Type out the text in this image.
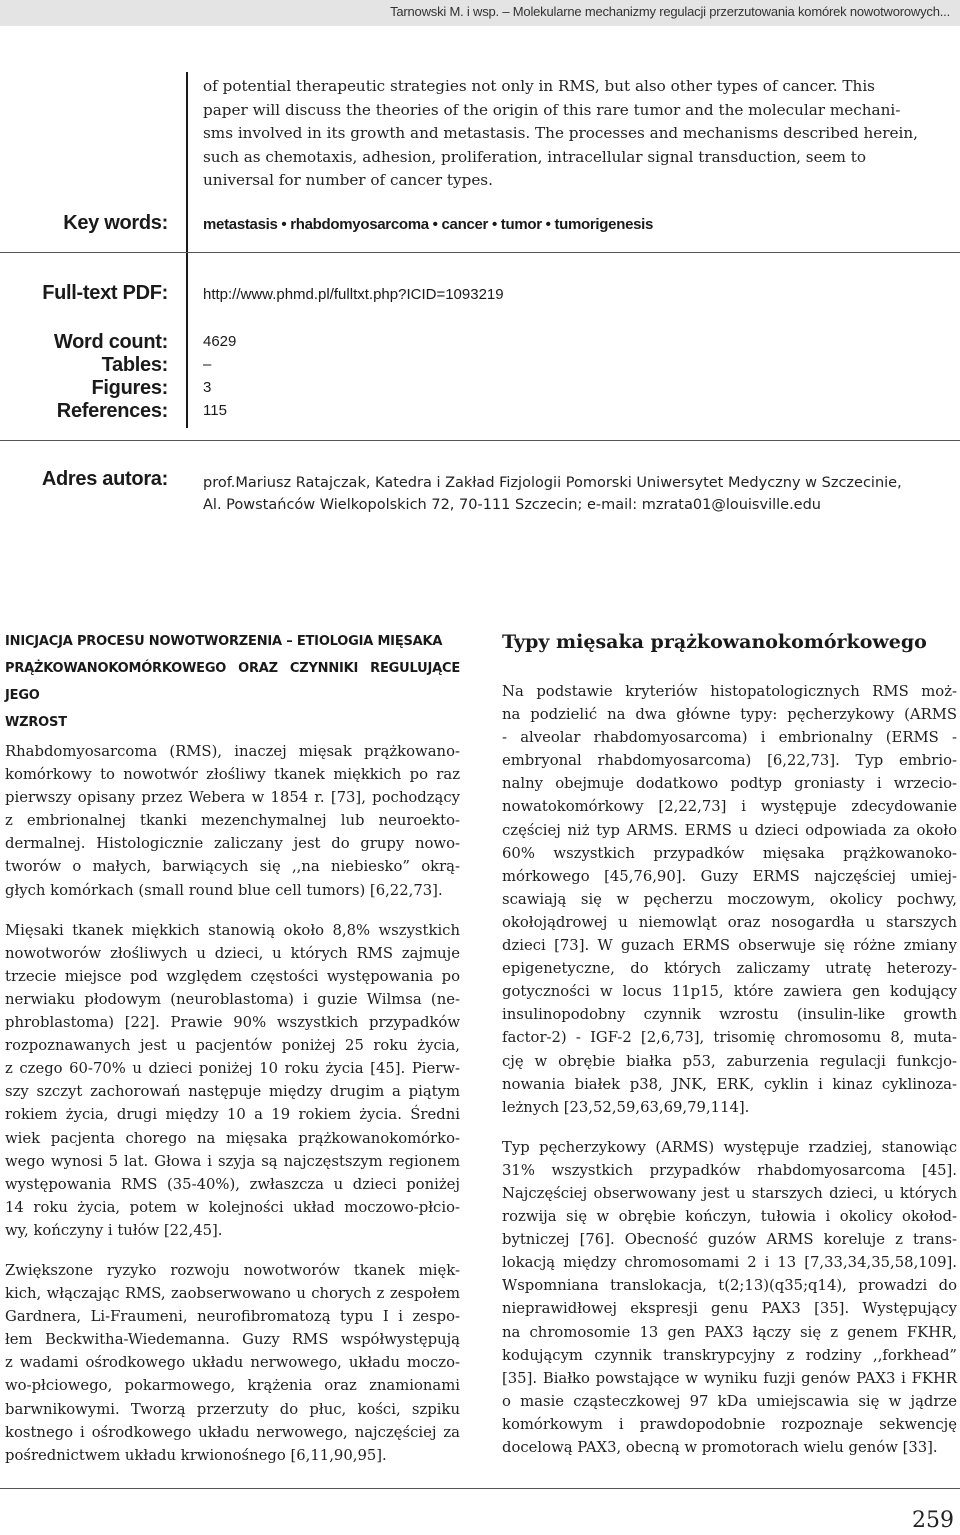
Tarnowski M. i wsp. – Molekularne mechanizmy regulacji przerzutowania komórek nowotworowych...
of potential therapeutic strategies not only in RMS, but also other types of cancer. This
paper will discuss the theories of the origin of this rare tumor and the molecular mechani-
sms involved in its growth and metastasis. The processes and mechanisms described herein,
such as chemotaxis, adhesion, proliferation, intracellular signal transduction, seem to
universal for number of cancer types.
Key words: metastasis • rhabdomyosarcoma • cancer • tumor • tumorigenesis
Full-text PDF: http://www.phmd.pl/fulltxt.php?ICID=1093219
Word count: 4629
Tables: –
Figures: 3
References: 115
Adres autora: prof.Mariusz Ratajczak, Katedra i Zakład Fizjologii Pomorski Uniwersytet Medyczny w Szczecinie,
Al. Powstańców Wielkopolskich 72, 70-111 Szczecin; e-mail: mzrata01@louisville.edu
INICJACJA PROCESU NOWOTWORZENIA – ETIOLOGIA MIĘSAKA
PRĄŻKOWANOKOMÓRKOWEGO ORAZ CZYNNIKI REGULUJĄCE JEGO
WZROST
Rhabdomyosarcoma (RMS), inaczej mięsak prążkowano-
komórkowy to nowotwór złośliwy tkanek miękkich po raz
pierwszy opisany przez Webera w 1854 r. [73], pochodzący
z embrionalnej tkanki mezenchymalnej lub neuroekto-
dermalnej. Histologicznie zaliczany jest do grupy nowo-
tworów o małych, barwiących się ,,na niebiesko” okrą-
głych komórkach (small round blue cell tumors) [6,22,73].
Mięsaki tkanek miękkich stanowią około 8,8% wszystkich
nowotworów złośliwych u dzieci, u których RMS zajmuje
trzecie miejsce pod względem częstości występowania po
nerwiaku płodowym (neuroblastoma) i guzie Wilmsa (ne-
phroblastoma) [22]. Prawie 90% wszystkich przypadków
rozpoznawanych jest u pacjentów poniżej 25 roku życia,
z czego 60-70% u dzieci poniżej 10 roku życia [45]. Pierw-
szy szczyt zachorowań następuje między drugim a piątym
rokiem życia, drugi między 10 a 19 rokiem życia. Średni
wiek pacjenta chorego na mięsaka prążkowanokomórko-
wego wynosi 5 lat. Głowa i szyja są najczęstszym regionem
występowania RMS (35-40%), zwłaszcza u dzieci poniżej
14 roku życia, potem w kolejności układ moczowo-płcio-
wy, kończyny i tułów [22,45].
Zwiększone ryzyko rozwoju nowotworów tkanek mięk-
kich, włączając RMS, zaobserwowano u chorych z zespołem
Gardnera, Li-Fraumeni, neurofibromatozą typu I i zespo-
łem Beckwitha-Wiedemanna. Guzy RMS współwystępują
z wadami ośrodkowego układu nerwowego, układu moczo-
wo-płciowego, pokarmowego, krążenia oraz znamionami
barwnikowymi. Tworzą przerzuty do płuc, kości, szpiku
kostnego i ośrodkowego układu nerwowego, najczęściej za
pośrednictwem układu krwionośnego [6,11,90,95].
Typy mięsaka prążkowanokomórkowego
Na podstawie kryteriów histopatologicznych RMS moż-
na podzielić na dwa główne typy: pęcherzykowy (ARMS
- alveolar rhabdomyosarcoma) i embrionalny (ERMS -
embryonal rhabdomyosarcoma) [6,22,73]. Typ embrio-
nalny obejmuje dodatkowo podtyp groniasty i wrzecio-
nowatokomórkowy [2,22,73] i występuje zdecydowanie
częściej niż typ ARMS. ERMS u dzieci odpowiada za około
60% wszystkich przypadków mięsaka prążkowanoko-
mórkowego [45,76,90]. Guzy ERMS najczęściej umiej-
scawiają się w pęcherzu moczowym, okolicy pochwy,
okołojądrowej u niemowląt oraz nosogardła u starszych
dzieci [73]. W guzach ERMS obserwuje się różne zmiany
epigenetyczne, do których zaliczamy utratę heterozy-
gotyczności w locus 11p15, które zawiera gen kodujący
insulinopodobny czynnik wzrostu (insulin-like growth
factor-2) - IGF-2 [2,6,73], trisomię chromosomu 8, muta-
cję w obrębie białka p53, zaburzenia regulacji funkcjo-
nowania białek p38, JNK, ERK, cyklin i kinaz cyklinoza-
leżnych [23,52,59,63,69,79,114].
Typ pęcherzykowy (ARMS) występuje rzadziej, stanowiąc
31% wszystkich przypadków rhabdomyosarcoma [45].
Najczęściej obserwowany jest u starszych dzieci, u których
rozwija się w obrębie kończyn, tułowia i okolicy okołod-
bytniczej [76]. Obecność guzów ARMS koreluje z trans-
lokacją między chromosomami 2 i 13 [7,33,34,35,58,109].
Wspomniana translokacja, t(2;13)(q35;q14), prowadzi do
nieprawidłowej ekspresji genu PAX3 [35]. Występujący
na chromosomie 13 gen PAX3 łączy się z genem FKHR,
kodującym czynnik transkrypcyjny z rodziny ,,forkhead”
[35]. Białko powstające w wyniku fuzji genów PAX3 i FKHR
o masie cząsteczkowej 97 kDa umiejscawia się w jądrze
komórkowym i prawdopodobnie rozpoznaje sekwencję
docelową PAX3, obecną w promotorach wielu genów [33].
259
